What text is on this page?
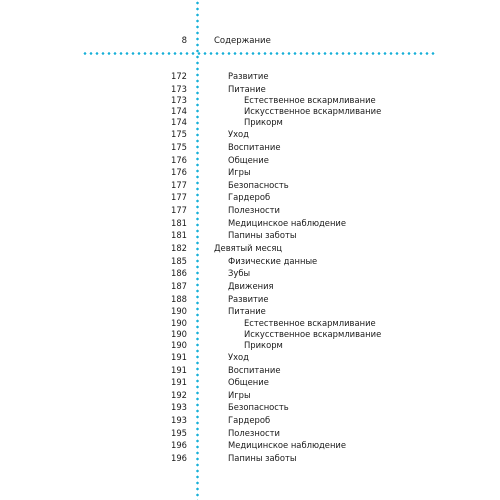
8	Содержание
172	Развитие
173	Питание
173	Естественное вскармливание
174	Искусственное вскармливание
174	Прикорм
175	Уход
175	Воспитание
176	Общение
176	Игры
177	Безопасность
177	Гардероб
177	Полезности
181	Медицинское наблюдение
181	Папины заботы
182	Девятый месяц
185	Физические данные
186	Зубы
187	Движения
188	Развитие
190	Питание
190	Естественное вскармливание
190	Искусственное вскармливание
190	Прикорм
191	Уход
191	Воспитание
191	Общение
192	Игры
193	Безопасность
193	Гардероб
195	Полезности
196	Медицинское наблюдение
196	Папины заботы
